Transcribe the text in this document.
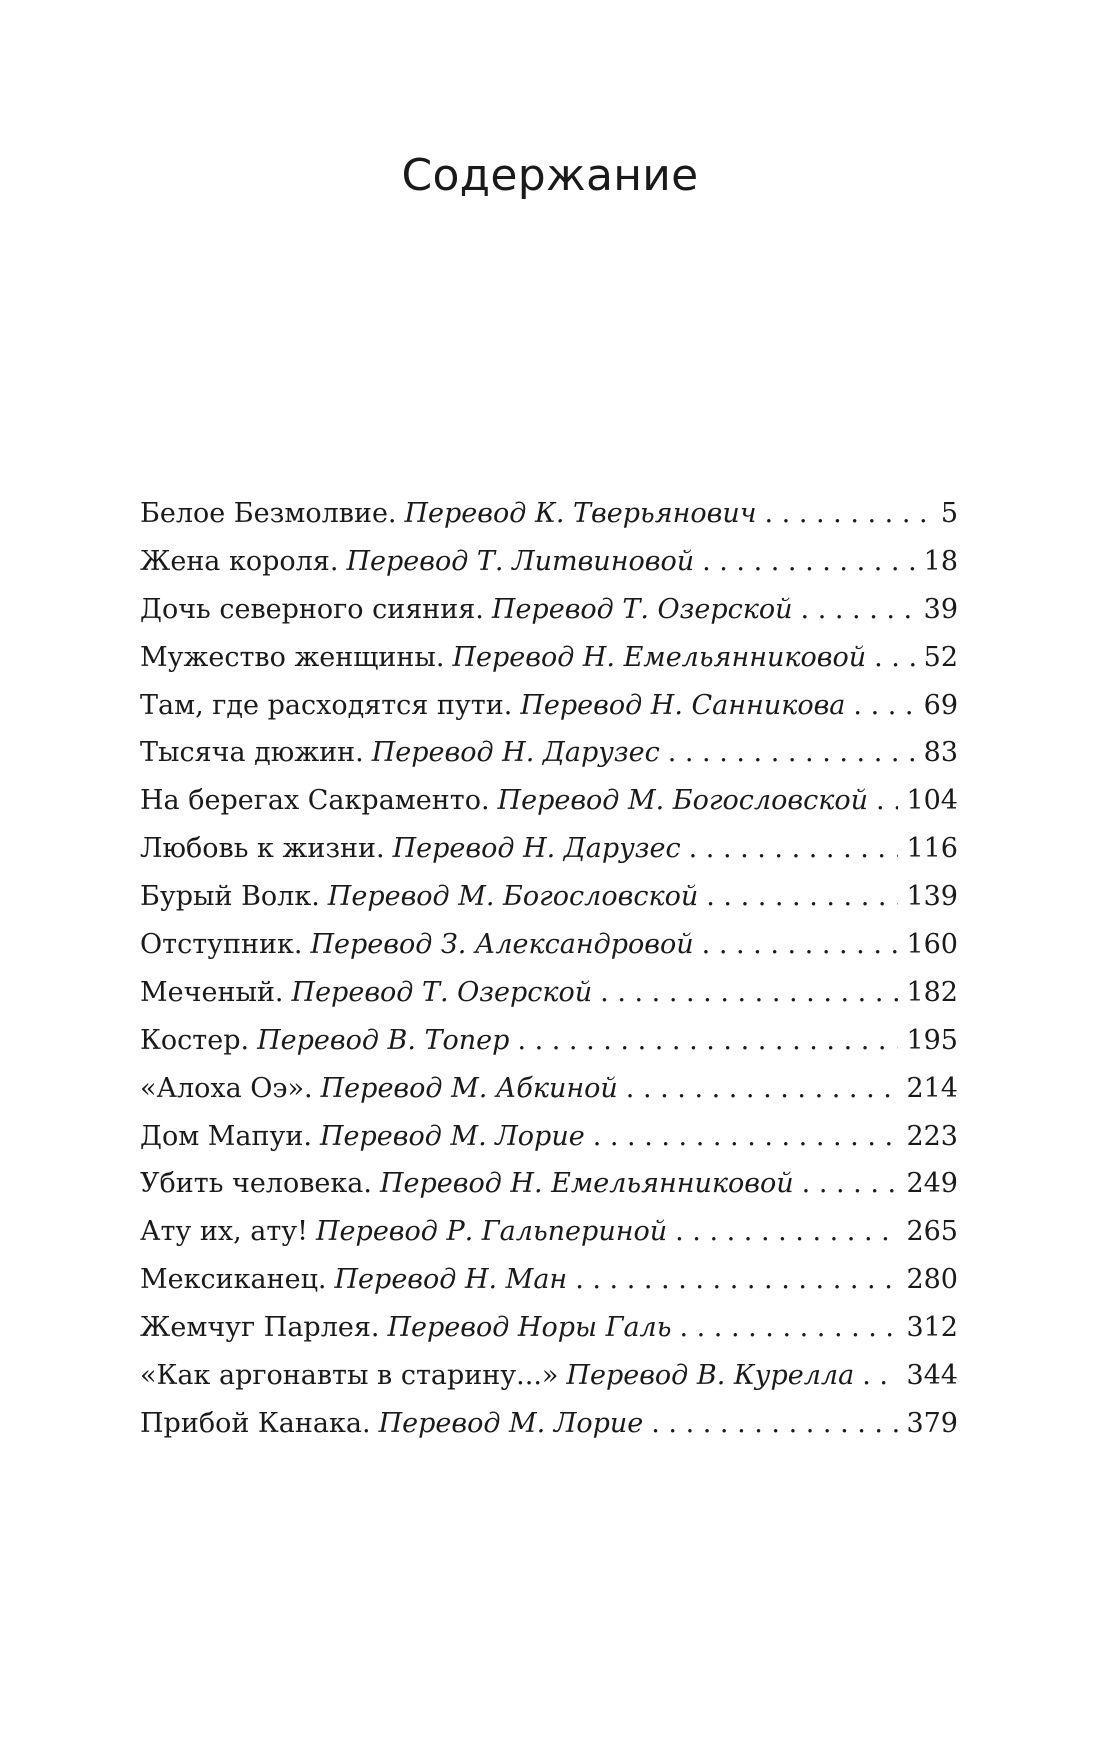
Содержание
Белое Безмолвие. Перевод К. Тверьянович . . .	5
Жена короля. Перевод Т. Литвиновой . . .	18
Дочь северного сияния. Перевод Т. Озерской . . .	39
Мужество женщины. Перевод Н. Емельянниковой . . . 52
Там, где расходятся пути. Перевод Н. Санникова . . .	69
Тысяча дюжин. Перевод Н. Дарузес . . .	83
На берегах Сакраменто. Перевод М. Богословской . . . 104
Любовь к жизни. Перевод Н. Дарузес . . .	116
Бурый Волк. Перевод М. Богословской . . .	139
Отступник. Перевод З. Александровой . . .	160
Меченый. Перевод Т. Озерской . . .	182
Костер. Перевод В. Топер . . .	195
«Алоха Оэ». Перевод М. Абкиной . . .	214
Дом Мапуи. Перевод М. Лорие . . .	223
Убить человека. Перевод Н. Емельянниковой . . .	249
Ату их, ату! Перевод Р. Гальпериной . . .	265
Мексиканец. Перевод Н. Ман . . .	280
Жемчуг Парлея. Перевод Норы Галь . . .	312
«Как аргонавты в старину...» Перевод В. Курелла . . . 344
Прибой Канака. Перевод М. Лорие . . .	379
